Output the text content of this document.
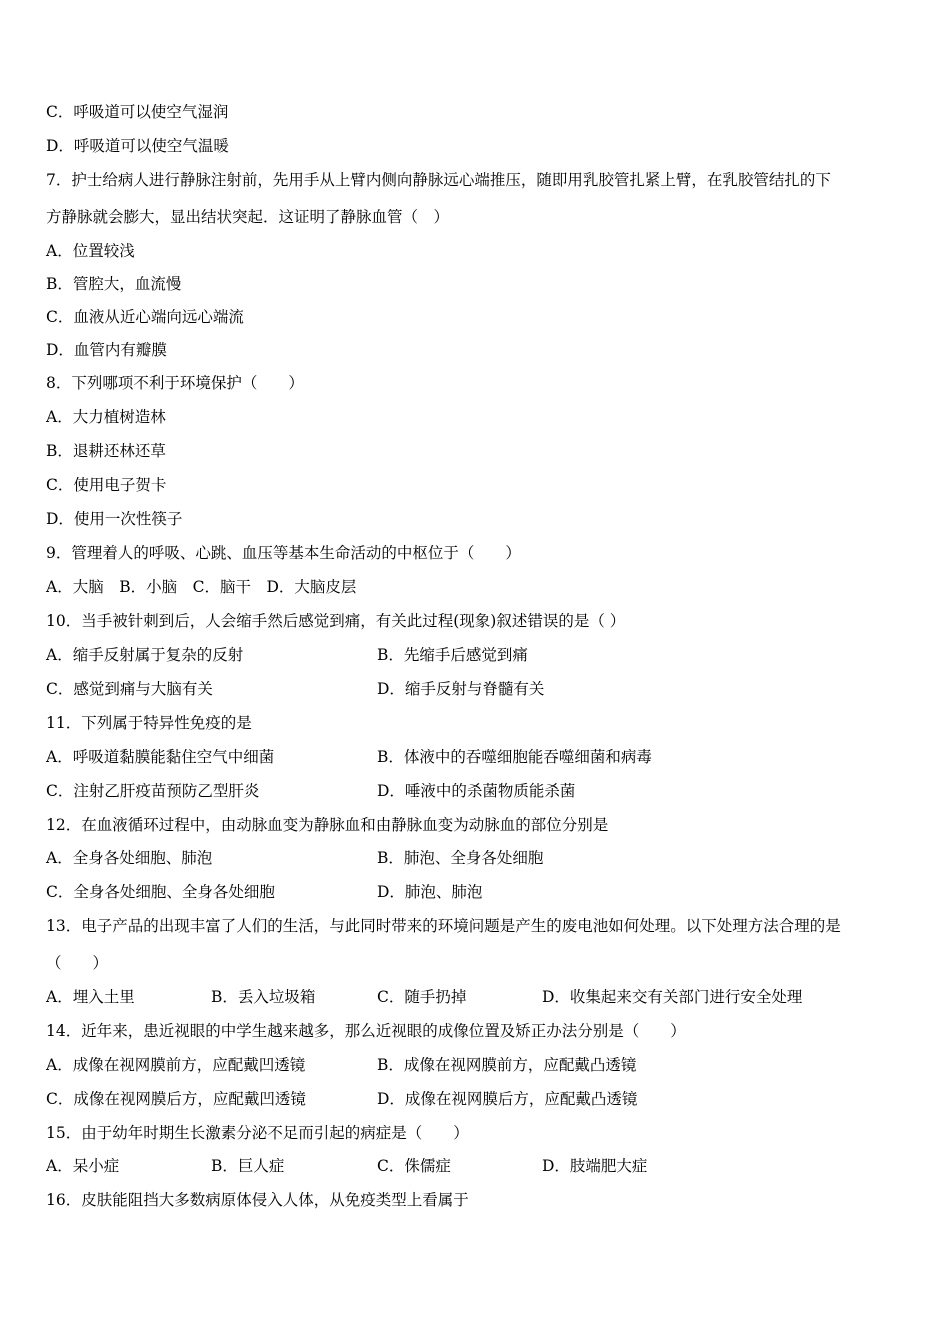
C．呼吸道可以使空气湿润
D．呼吸道可以使空气温暖
7．护士给病人进行静脉注射前，先用手从上臂内侧向静脉远心端推压，随即用乳胶管扎紧上臂，在乳胶管结扎的下
方静脉就会膨大，显出结状突起．这证明了静脉血管（　）
A．位置较浅
B．管腔大，血流慢
C．血液从近心端向远心端流
D．血管内有瓣膜
8．下列哪项不利于环境保护（　　）
A．大力植树造林
B．退耕还林还草
C．使用电子贺卡
D．使用一次性筷子
9．管理着人的呼吸、心跳、血压等基本生命活动的中枢位于（　　）
A．大脑　B．小脑　C．脑干　D．大脑皮层
10．当手被针刺到后，人会缩手然后感觉到痛，有关此过程(现象)叙述错误的是（ ）
A．缩手反射属于复杂的反射	B．先缩手后感觉到痛
C．感觉到痛与大脑有关	D．缩手反射与脊髓有关
11．下列属于特异性免疫的是
A．呼吸道黏膜能黏住空气中细菌	B．体液中的吞噬细胞能吞噬细菌和病毒
C．注射乙肝疫苗预防乙型肝炎	D．唾液中的杀菌物质能杀菌
12．在血液循环过程中，由动脉血变为静脉血和由静脉血变为动脉血的部位分别是
A．全身各处细胞、肺泡	B．肺泡、全身各处细胞
C．全身各处细胞、全身各处细胞	D．肺泡、肺泡
13．电子产品的出现丰富了人们的生活，与此同时带来的环境问题是产生的废电池如何处理。以下处理方法合理的是
（　　）
A．埋入土里	B．丢入垃圾箱	C．随手扔掉	D．收集起来交有关部门进行安全处理
14．近年来，患近视眼的中学生越来越多，那么近视眼的成像位置及矫正办法分别是（　　）
A．成像在视网膜前方，应配戴凹透镜	B．成像在视网膜前方，应配戴凸透镜
C．成像在视网膜后方，应配戴凹透镜	D．成像在视网膜后方，应配戴凸透镜
15．由于幼年时期生长激素分泌不足而引起的病症是（　　）
A．呆小症	B．巨人症	C．侏儒症	D．肢端肥大症
16．皮肤能阻挡大多数病原体侵入人体，从免疫类型上看属于
